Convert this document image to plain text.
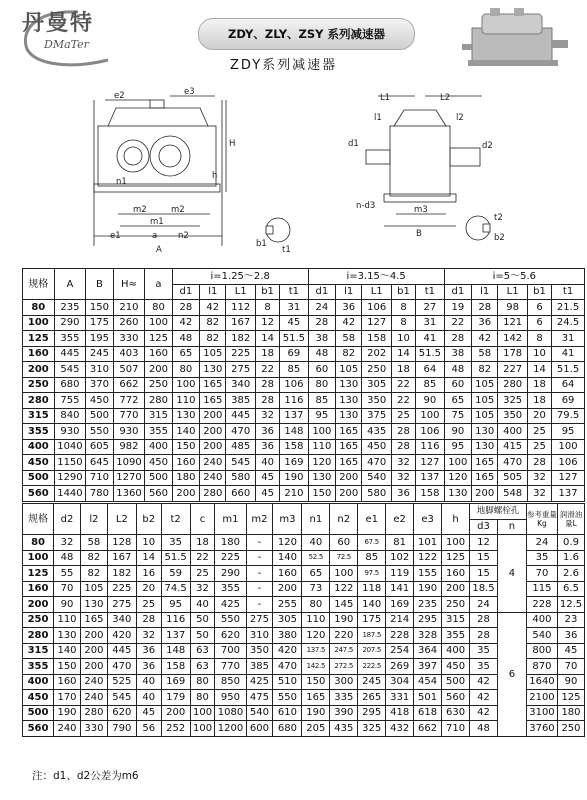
丹曼特
DMaTer
ZDY、ZLY、ZSY 系列减速器
ZDY系列减速器
e2	e3
H
h
n1
m2	m2
m1
e1	a n2
A
L1	L2
l1	l2
d1	d2
n-d3	m3
B
b1
t1
t2
b2
规格	A	B	H≈	a	i=1.25～2.8					i=3.15～4.5					i=5～5.6				
					d1	l1	L1	b1	t1	d1	l1	L1	b1	t1	d1	l1	L1	b1	t1
80	235	150	210	80	28	42	112	8	31	24	36	106	8	27	19	28	98	6	21.5
100	290	175	260	100	42	82	167	12	45	28	42	127	8	31	22	36	121	6	24.5
125	355	195	330	125	48	82	182	14	51.5	38	58	158	10	41	28	42	142	8	31
160	445	245	403	160	65	105	225	18	69	48	82	202	14	51.5	38	58	178	10	41
200	545	310	507	200	80	130	275	22	85	60	105	250	18	64	48	82	227	14	51.5
250	680	370	662	250	100	165	340	28	106	80	130	305	22	85	60	105	280	18	64
280	755	450	772	280	110	165	385	28	116	85	130	350	22	90	65	105	325	18	69
315	840	500	770	315	130	200	445	32	137	95	130	375	25	100	75	105	350	20	79.5
355	930	550	930	355	140	200	470	36	148	100	165	435	28	106	90	130	400	25	95
400	1040	605	982	400	150	200	485	36	158	110	165	450	28	116	95	130	415	25	100
450	1150	645	1090	450	160	240	545	40	169	120	165	470	32	127	100	165	470	28	106
500	1290	710	1270	500	180	240	580	45	190	130	200	540	32	137	120	165	505	32	127
560	1440	780	1360	560	200	280	660	45	210	150	200	580	36	158	130	200	548	32	137
规格	d2	l2	L2	b2	t2	c	m1	m2	m3	n1	n2	e1	e2	e3	h	地脚螺栓孔		参考重量Kg	润滑油量L
																d3	n		
80	32	58	128	10	35	18	180	-	120	40	60	67.5	81	101	100	12	4	24	0.9
100	48	82	167	14	51.5	22	225	-	140	52.5	72.5	85	102	122	125	15		35	1.6
125	55	82	182	16	59	25	290	-	160	65	100	97.5	119	155	160	15		70	2.6
160	70	105	225	20	74.5	32	355	-	200	73	122	118	141	190	200	18.5		115	6.5
200	90	130	275	25	95	40	425	-	255	80	145	140	169	235	250	24		228	12.5
250	110	165	340	28	116	50	550	275	305	110	190	175	214	295	315	28	6	400	23
280	130	200	420	32	137	50	620	310	380	120	220	187.5	228	328	355	28		540	36
315	140	200	445	36	148	63	700	350	420	137.5	247.5	207.5	254	364	400	35		800	45
355	150	200	470	36	158	63	770	385	470	142.5	272.5	222.5	269	397	450	35		870	70
400	160	240	525	40	169	80	850	425	510	150	300	245	304	454	500	42		1640	90
450	170	240	545	40	179	80	950	475	550	165	335	265	331	501	560	42		2100	125
500	190	280	620	45	200	100	1080	540	610	190	390	295	418	618	630	42		3100	180
560	240	330	790	56	252	100	1200	600	680	205	435	325	432	662	710	48		3760	250
注：d1、d2公差为m6
